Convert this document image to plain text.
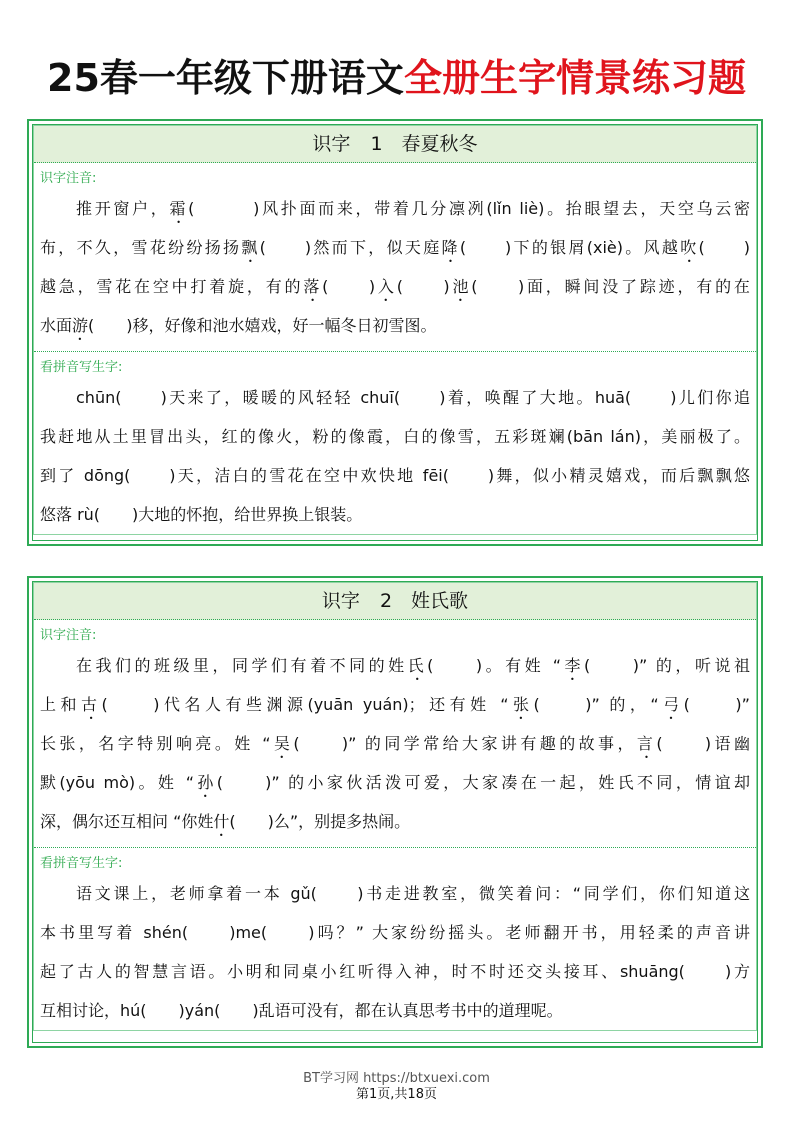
25春一年级下册语文全册生字情景练习题
识字 1　春夏秋冬
识字注音:
推开窗户，霜(　　　)风扑面而来，带着几分凛冽(lǐn liè)。抬眼望去，天空乌云密
布，不久，雪花纷纷扬扬飘(　　)然而下，似天庭降(　　)下的银屑(xiè)。风越吹(　　)
越急，雪花在空中打着旋，有的落(　　)入(　　)池(　　)面，瞬间没了踪迹，有的在
水面游(　　)移，好像和池水嬉戏，好一幅冬日初雪图。
看拼音写生字:
chūn(　　)天来了，暖暖的风轻轻 chuī(　　)着，唤醒了大地。huā(　　)儿们你追
我赶地从土里冒出头，红的像火，粉的像霞，白的像雪，五彩斑斓(bān lán)，美丽极了。
到了 dōng(　　)天，洁白的雪花在空中欢快地 fēi(　　)舞，似小精灵嬉戏，而后飘飘悠
悠落 rù(　　)大地的怀抱，给世界换上银装。
识字 2　姓氏歌
识字注音:
在我们的班级里，同学们有着不同的姓氏(　　)。有姓 “李(　　)” 的，听说祖
上和古(　　)代名人有些渊源(yuān yuán)；还有姓 “张(　　)” 的，“弓(　　)”
长张，名字特别响亮。姓 “吴(　　)” 的同学常给大家讲有趣的故事，言(　　)语幽
默(yōu mò)。姓 “孙(　　)” 的小家伙活泼可爱，大家凑在一起，姓氏不同，情谊却
深，偶尔还互相问 “你姓什(　　)么”，别提多热闹。
看拼音写生字:
语文课上，老师拿着一本 gǔ(　　)书走进教室，微笑着问：“同学们，你们知道这
本书里写着 shén(　　)me(　　)吗？” 大家纷纷摇头。老师翻开书，用轻柔的声音讲
起了古人的智慧言语。小明和同桌小红听得入神，时不时还交头接耳、shuāng(　　)方
互相讨论，hú(　　)yán(　　)乱语可没有，都在认真思考书中的道理呢。
BT学习网 https://btxuexi.com
第1页,共18页
